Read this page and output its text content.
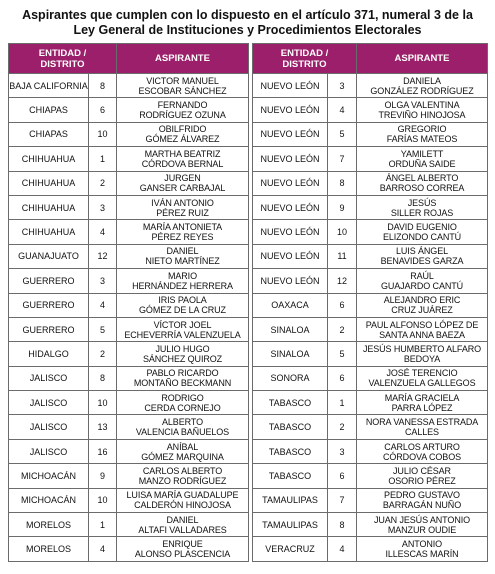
Aspirantes que cumplen con lo dispuesto en el artículo 371, numeral 3 de la
Ley General de Instituciones y Procedimientos Electorales
ENTIDAD /
DISTRITO		ASPIRANTE
BAJA CALIFORNIA	8	VICTOR MANUEL
ESCOBAR SÁNCHEZ

CHIAPAS	6	FERNANDO
RODRÍGUEZ OZUNA

CHIAPAS	10	OBILFRIDO
GÓMEZ ÁLVAREZ

CHIHUAHUA	1	MARTHA BEATRIZ
CÓRDOVA BERNAL

CHIHUAHUA	2	JURGEN
GANSER CARBAJAL

CHIHUAHUA	3	IVÁN ANTONIO
PÉREZ RUIZ

CHIHUAHUA	4	MARÍA ANTONIETA
PÉREZ REYES

GUANAJUATO	12	DANIEL
NIETO MARTÍNEZ

GUERRERO	3	MARIO
HERNÁNDEZ HERRERA

GUERRERO	4	IRIS PAOLA
GÓMEZ DE LA CRUZ

GUERRERO	5	VÍCTOR JOEL
ECHEVERRÍA VALENZUELA

HIDALGO	2	JULIO HUGO
SÁNCHEZ QUIROZ

JALISCO	8	PABLO RICARDO
MONTAÑO BECKMANN

JALISCO	10	RODRIGO
CERDA CORNEJO

JALISCO	13	ALBERTO
VALENCIA BAÑUELOS

JALISCO	16	ANÍBAL
GÓMEZ MARQUINA

MICHOACÁN	9	CARLOS ALBERTO
MANZO RODRÍGUEZ

MICHOACÁN	10	LUISA MARÍA GUADALUPE
CALDERÓN HINOJOSA

MORELOS	1	DANIEL
ALTAFI VALLADARES

MORELOS	4	ENRIQUE
ALONSO PLASCENCIA
ENTIDAD /
DISTRITO		ASPIRANTE
NUEVO LEÓN	3	DANIELA
GONZÁLEZ RODRÍGUEZ

NUEVO LEÓN	4	OLGA VALENTINA
TREVIÑO HINOJOSA

NUEVO LEÓN	5	GREGORIO
FARÍAS MATEOS

NUEVO LEÓN	7	YAMILETT
ORDUÑA SAIDE

NUEVO LEÓN	8	ÁNGEL ALBERTO
BARROSO CORREA

NUEVO LEÓN	9	JESÚS
SILLER ROJAS

NUEVO LEÓN	10	DAVID EUGENIO
ELIZONDO CANTÚ

NUEVO LEÓN	11	LUIS ÁNGEL
BENAVIDES GARZA

NUEVO LEÓN	12	RAÚL
GUAJARDO CANTÚ

OAXACA	6	ALEJANDRO ERIC
CRUZ JUÁREZ

SINALOA	2	PAUL ALFONSO LÓPEZ DE
SANTA ANNA BAEZA

SINALOA	5	JESÚS HUMBERTO ALFARO
BEDOYA

SONORA	6	JOSÉ TERENCIO
VALENZUELA GALLEGOS

TABASCO	1	MARÍA GRACIELA
PARRA LÓPEZ

TABASCO	2	NORA VANESSA ESTRADA
CALLES

TABASCO	3	CARLOS ARTURO
CÓRDOVA COBOS

TABASCO	6	JULIO CÉSAR
OSORIO PÉREZ

TAMAULIPAS	7	PEDRO GUSTAVO
BARRAGÁN NUÑO

TAMAULIPAS	8	JUAN JESÚS ANTONIO
MANZUR OUDIE

VERACRUZ	4	ANTONIO
ILLESCAS MARÍN
